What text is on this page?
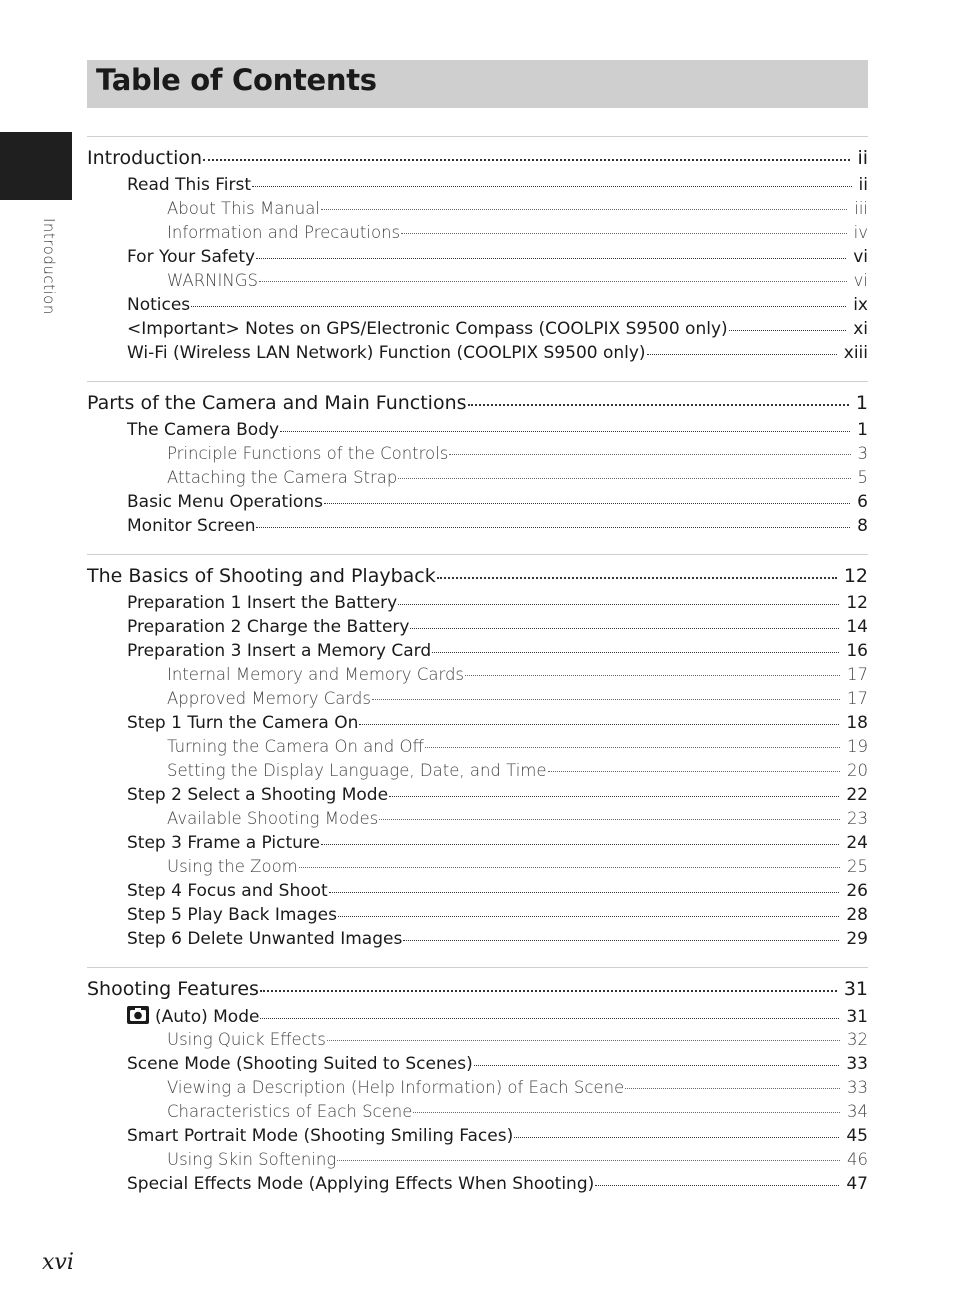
Table of Contents
Introduction
Introduction	ii
Read This First	ii
About This Manual	iii
Information and Precautions	iv
For Your Safety	vi
WARNINGS	vi
Notices	ix
<Important> Notes on GPS/Electronic Compass (COOLPIX S9500 only)	xi
Wi-Fi (Wireless LAN Network) Function (COOLPIX S9500 only)	xiii
Parts of the Camera and Main Functions	1
The Camera Body	1
Principle Functions of the Controls	3
Attaching the Camera Strap	5
Basic Menu Operations	6
Monitor Screen	8
The Basics of Shooting and Playback	12
Preparation 1 Insert the Battery	12
Preparation 2 Charge the Battery	14
Preparation 3 Insert a Memory Card	16
Internal Memory and Memory Cards	17
Approved Memory Cards	17
Step 1 Turn the Camera On	18
Turning the Camera On and Off	19
Setting the Display Language, Date, and Time	20
Step 2 Select a Shooting Mode	22
Available Shooting Modes	23
Step 3 Frame a Picture	24
Using the Zoom	25
Step 4 Focus and Shoot	26
Step 5 Play Back Images	28
Step 6 Delete Unwanted Images	29
Shooting Features	31
(Auto) Mode	31
Using Quick Effects	32
Scene Mode (Shooting Suited to Scenes)	33
Viewing a Description (Help Information) of Each Scene	33
Characteristics of Each Scene	34
Smart Portrait Mode (Shooting Smiling Faces)	45
Using Skin Softening	46
Special Effects Mode (Applying Effects When Shooting)	47
xvi
